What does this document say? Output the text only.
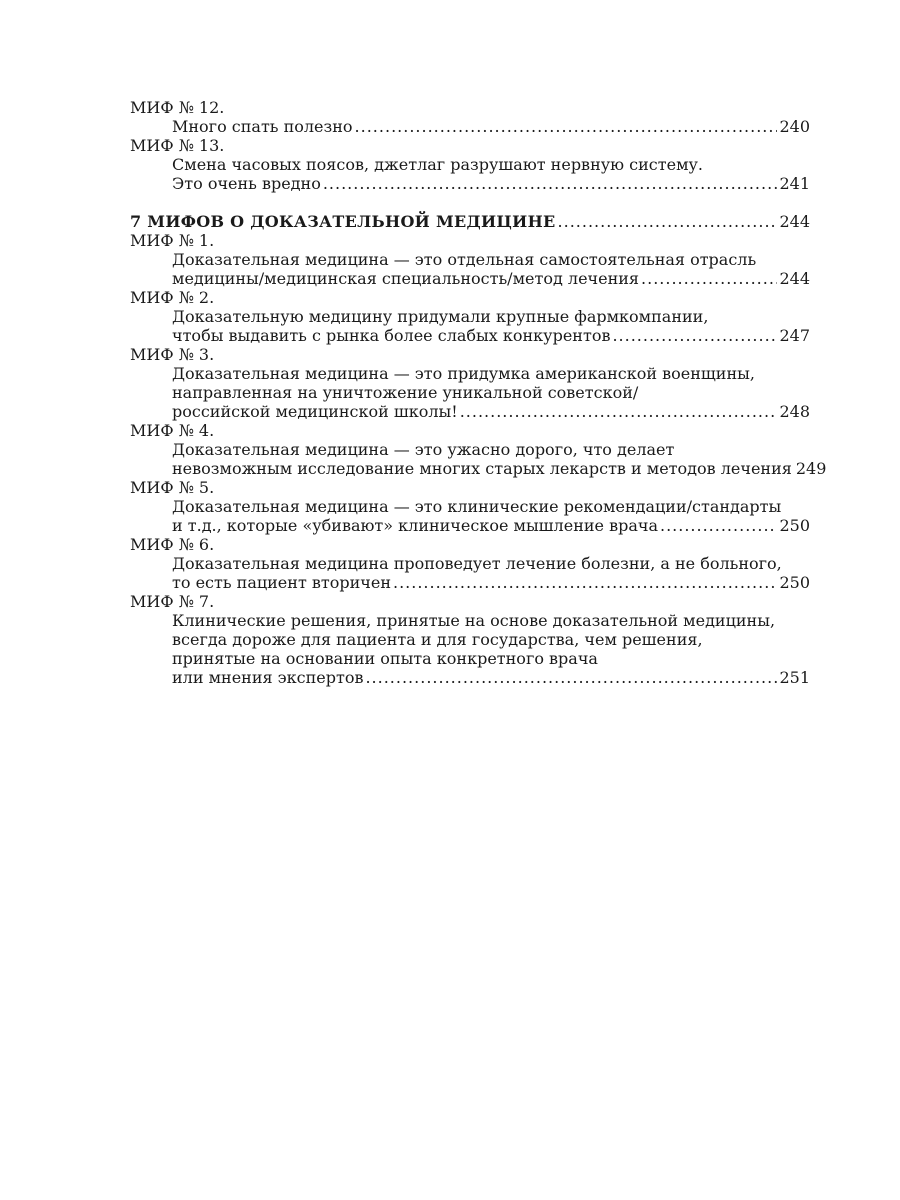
МИФ № 12.
Много спать полезно .....	240
МИФ № 13.
Смена часовых поясов, джетлаг разрушают нервную систему.
Это очень вредно .....	241
7 МИФОВ О ДОКАЗАТЕЛЬНОЙ МЕДИЦИНЕ .....	244
МИФ № 1.
Доказательная медицина — это отдельная самостоятельная отрасль
медицины/медицинская специальность/метод лечения .....	244
МИФ № 2.
Доказательную медицину придумали крупные фармкомпании,
чтобы выдавить с рынка более слабых конкурентов .....	247
МИФ № 3.
Доказательная медицина — это придумка американской военщины,
направленная на уничтожение уникальной советской/
российской медицинской школы! .....	248
МИФ № 4.
Доказательная медицина — это ужасно дорого, что делает
невозможным исследование многих старых лекарств и методов лечения 249
МИФ № 5.
Доказательная медицина — это клинические рекомендации/стандарты
и т.д., которые «убивают» клиническое мышление врача .....	250
МИФ № 6.
Доказательная медицина проповедует лечение болезни, а не больного,
то есть пациент вторичен .....	250
МИФ № 7.
Клинические решения, принятые на основе доказательной медицины,
всегда дороже для пациента и для государства, чем решения,
принятые на основании опыта конкретного врача
или мнения экспертов .....	251
